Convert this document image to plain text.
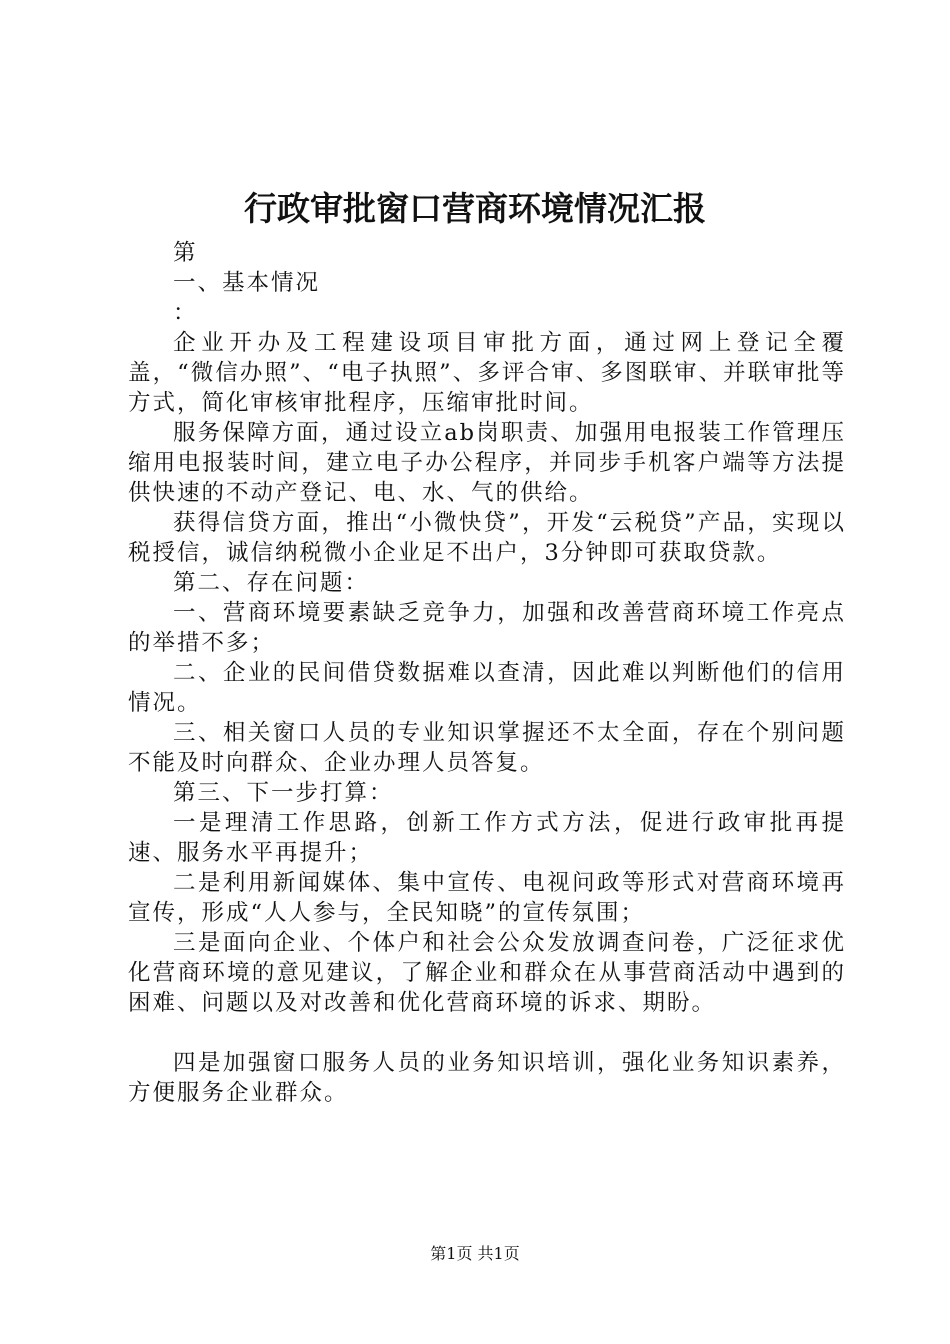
行政审批窗口营商环境情况汇报

第

一、基本情况

：

企业开办及工程建设项目审批方面，通过网上登记全覆盖，“微信办照”、“电子执照”、多评合审、多图联审、并联审批等方式，简化审核审批程序，压缩审批时间。

服务保障方面，通过设立ab岗职责、加强用电报装工作管理压缩用电报装时间，建立电子办公程序，并同步手机客户端等方法提供快速的不动产登记、电、水、气的供给。

获得信贷方面，推出“小微快贷”，开发“云税贷”产品，实现以税授信，诚信纳税微小企业足不出户，3分钟即可获取贷款。

第二、存在问题：

一、营商环境要素缺乏竞争力，加强和改善营商环境工作亮点的举措不多；

二、企业的民间借贷数据难以查清，因此难以判断他们的信用情况。

三、相关窗口人员的专业知识掌握还不太全面，存在个别问题不能及时向群众、企业办理人员答复。

第三、下一步打算：

一是理清工作思路，创新工作方式方法，促进行政审批再提速、服务水平再提升；

二是利用新闻媒体、集中宣传、电视问政等形式对营商环境再宣传，形成“人人参与，全民知晓”的宣传氛围；

三是面向企业、个体户和社会公众发放调查问卷，广泛征求优化营商环境的意见建议，了解企业和群众在从事营商活动中遇到的困难、问题以及对改善和优化营商环境的诉求、期盼。

四是加强窗口服务人员的业务知识培训，强化业务知识素养，方便服务企业群众。

第1页 共1页
